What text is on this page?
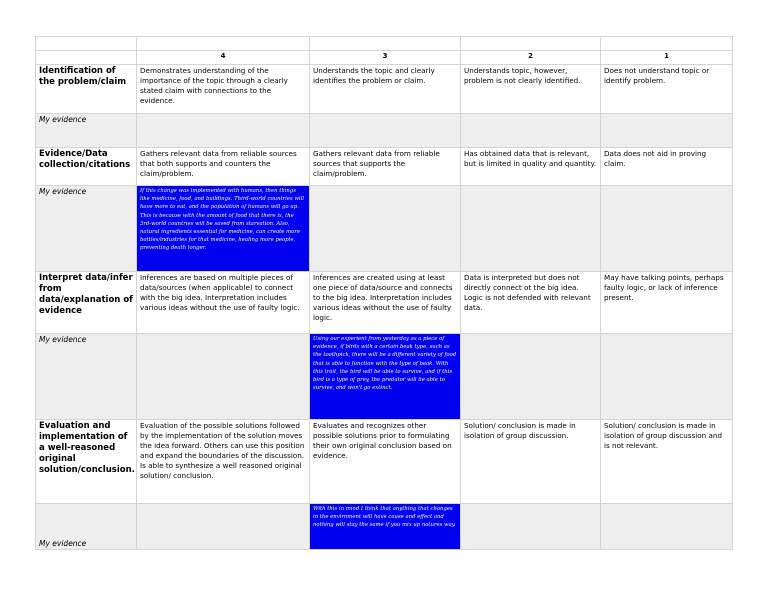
	4	3	2	1
Identification of the problem/claim	Demonstrates understanding of the importance of the topic through a clearly stated claim with connections to the evidence.	Understands the topic and clearly identifies the problem or claim.	Understands topic, however, problem is not clearly identified.	Does not understand topic or identify problem.
My evidence				
Evidence/Data collection/citations	Gathers relevant data from reliable sources that both supports and counters the claim/problem.	Gathers relevant data from reliable sources that supports the claim/problem.	Has obtained data that is relevant, but is limited in quality and quantity.	Data does not aid in proving claim.
My evidence	If this change was implemented with humans, then things like medicine, food, and buildings. Third-world countries will have more to eat, and the population of humans will go up. This is because with the amount of food that there is, the 3rd-world countries will be saved from starvation. Also, natural ingredients essential for medicine, can create more bottles/industries for that medicine, healing more people, preventing death longer.			
Interpret data/infer from data/explanation of evidence	Inferences are based on multiple pieces of data/sources (when applicable) to connect with the big idea. Interpretation includes various ideas without the use of faulty logic.	Inferences are created using at least one piece of data/source and connects to the big idea. Interpretation includes various ideas without the use of faulty logic.	Data is interpreted but does not directly connect ot the big idea. Logic is not defended with relevant data.	May have talking points, perhaps faulty logic, or lack of inference present.
My evidence		Using our experient from yesterday as a piece of evidence, if birds with a certain beak type, such as the toothpick, there will be a different variety of food that is able to function with the type of beak. With this trait, the bird will be able to survive, and if this bird is a type of prey, the predator will be able to survive, and won't go extinct.		
Evaluation and implementation of a well-reasoned original solution/conclusion.	Evaluation of the possible solutions followed by the implementation of the solution moves the idea forward. Others can use this position and expand the boundaries of the discussion. Is able to synthesize a well reasoned original solution/ conclusion.	Evaluates and recognizes other possible solutions prior to formulating their own original conclusion based on evidence.	Solution/ conclusion is made in isolation of group discussion.	Solution/ conclusion is made in isolation of group discussion and is not relevant.
My evidence		With this in mind I think that anything that changes in the envirnment will have cause and effect and nothing will stay the same if you mix up natures way.		
